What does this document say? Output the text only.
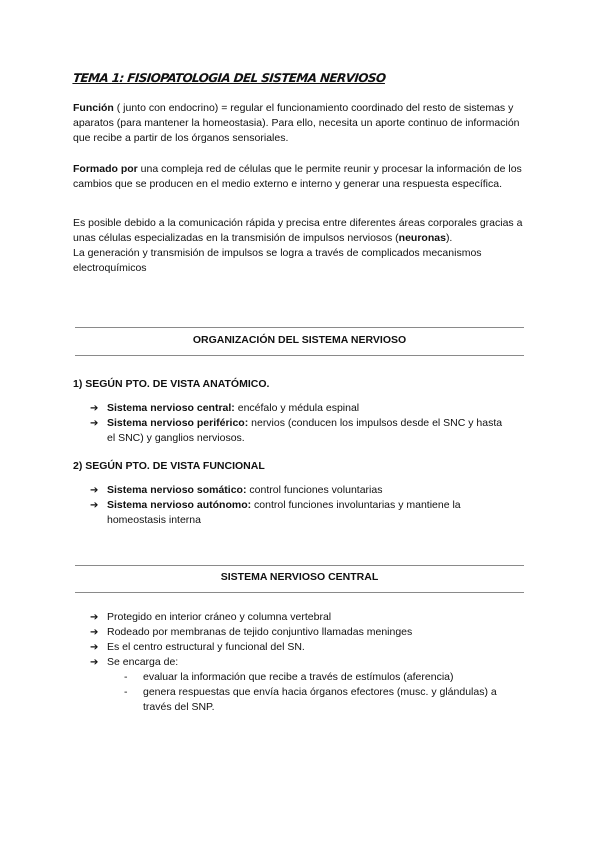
TEMA 1: FISIOPATOLOGIA DEL SISTEMA NERVIOSO
Función ( junto con endocrino) = regular el funcionamiento coordinado del resto de sistemas y aparatos (para mantener la homeostasia). Para ello, necesita un aporte continuo de información que recibe a partir de los órganos sensoriales.
Formado por una compleja red de células que le permite reunir y procesar la información de los cambios que se producen en el medio externo e interno y generar una respuesta específica.
Es posible debido a la comunicación rápida y precisa entre diferentes áreas corporales gracias a unas células especializadas en la transmisión de impulsos nerviosos (neuronas).
La generación y transmisión de impulsos se logra a través de complicados mecanismos electroquímicos
ORGANIZACIÓN DEL SISTEMA NERVIOSO
1) SEGÚN PTO. DE VISTA ANATÓMICO.
➔ Sistema nervioso central: encéfalo y médula espinal
➔ Sistema nervioso periférico: nervios (conducen los impulsos desde el SNC y hasta el SNC) y ganglios nerviosos.
2) SEGÚN PTO. DE VISTA FUNCIONAL
➔ Sistema nervioso somático: control funciones voluntarias
➔ Sistema nervioso autónomo: control funciones involuntarias y mantiene la homeostasis interna
SISTEMA NERVIOSO CENTRAL
➔ Protegido en interior cráneo y columna vertebral
➔ Rodeado por membranas de tejido conjuntivo llamadas meninges
➔ Es el centro estructural y funcional del SN.
➔ Se encarga de:
- evaluar la información que recibe a través de estímulos (aferencia)
- genera respuestas que envía hacia órganos efectores (musc. y glándulas) a través del SNP.
